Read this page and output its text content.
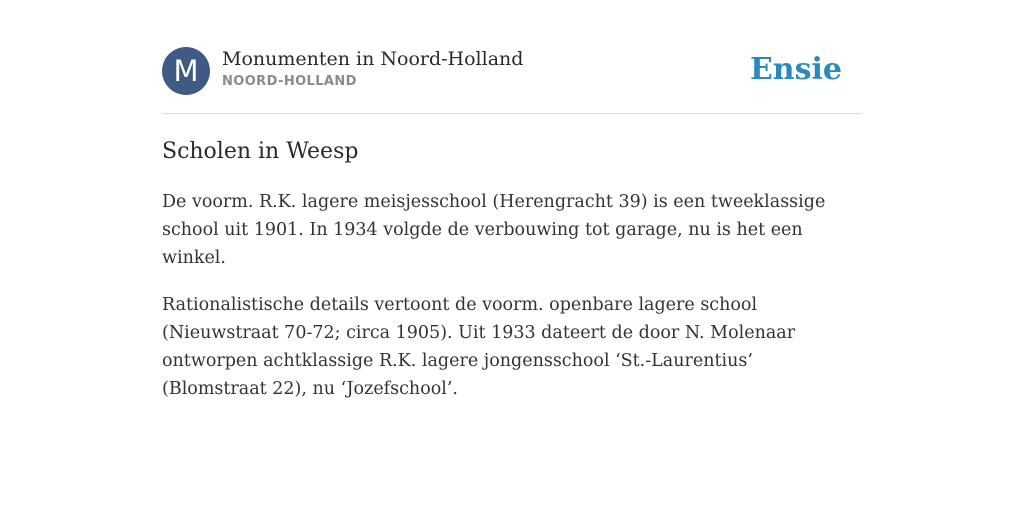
M	Monumenten in Noord-Holland
NOORD-HOLLAND	Ensie
Scholen in Weesp

De voorm. R.K. lagere meisjesschool (Herengracht 39) is een tweeklassige school uit 1901. In 1934 volgde de verbouwing tot garage, nu is het een winkel.

Rationalistische details vertoont de voorm. openbare lagere school (Nieuwstraat 70-72; circa 1905). Uit 1933 dateert de door N. Molenaar ontworpen achtklassige R.K. lagere jongensschool ‘St.-Laurentius’ (Blomstraat 22), nu ‘Jozefschool’.
